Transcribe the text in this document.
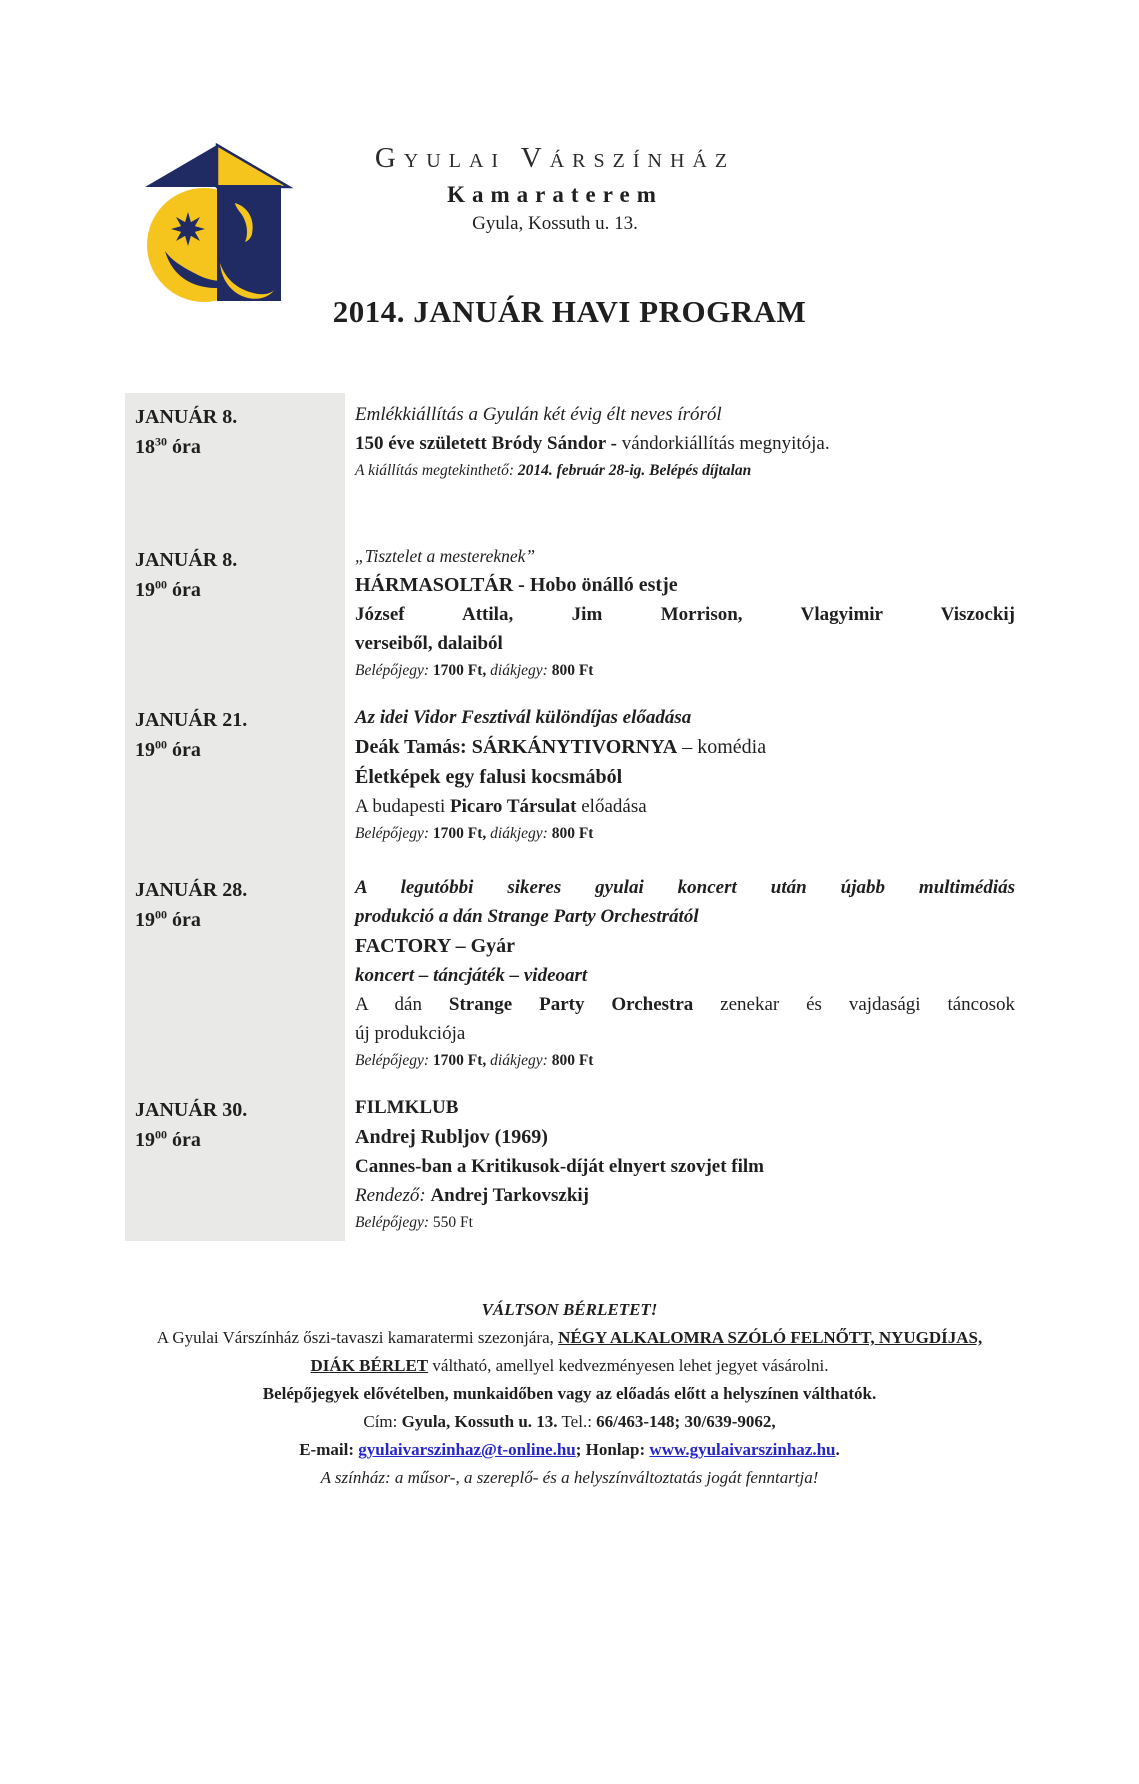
Gyulai Várszínház
Kamaraterem
Gyula, Kossuth u. 13.
2014. JANUÁR HAVI PROGRAM
JANUÁR 8.
$18^{30}$ óra
Emlékkiállítás a Gyulán két évig élt neves íróról
150 éve született Bródy Sándor - vándorkiállítás megnyitója.
A kiállítás megtekinthető: 2014. február 28-ig. Belépés díjtalan
JANUÁR 8.
$19^{00}$ óra
„Tisztelet a mestereknek”
HÁRMASOLTÁR - Hobo önálló estje
József Attila, Jim Morrison, Vlagyimir Viszockij
verseiből, dalaiból
Belépőjegy: 1700 Ft, diákjegy: 800 Ft
JANUÁR 21.
$19^{00}$ óra
Az idei Vidor Fesztivál különdíjas előadása
Deák Tamás: SÁRKÁNYTIVORNYA – komédia
Életképek egy falusi kocsmából
A budapesti Picaro Társulat előadása
Belépőjegy: 1700 Ft, diákjegy: 800 Ft
JANUÁR 28.
$19^{00}$ óra
A legutóbbi sikeres gyulai koncert után újabb multimédiás
produkció a dán Strange Party Orchestrától
FACTORY – Gyár
koncert – táncjáték – videoart
A dán Strange Party Orchestra zenekar és vajdasági táncosok
új produkciója
Belépőjegy: 1700 Ft, diákjegy: 800 Ft
JANUÁR 30.
$19^{00}$ óra
FILMKLUB
Andrej Rubljov (1969)
Cannes-ban a Kritikusok-díját elnyert szovjet film
Rendező: Andrej Tarkovszkij
Belépőjegy: 550 Ft
VÁLTSON BÉRLETET!
A Gyulai Várszínház őszi-tavaszi kamaratermi szezonjára, NÉGY ALKALOMRA SZÓLÓ FELNŐTT, NYUGDÍJAS,
DIÁK BÉRLET váltható, amellyel kedvezményesen lehet jegyet vásárolni.
Belépőjegyek elővételben, munkaidőben vagy az előadás előtt a helyszínen válthatók.
Cím: Gyula, Kossuth u. 13. Tel.: 66/463-148; 30/639-9062,
E-mail: gyulaivarszinhaz@t-online.hu; Honlap: www.gyulaivarszinhaz.hu.
A színház: a műsor-, a szereplő- és a helyszínváltoztatás jogát fenntartja!
